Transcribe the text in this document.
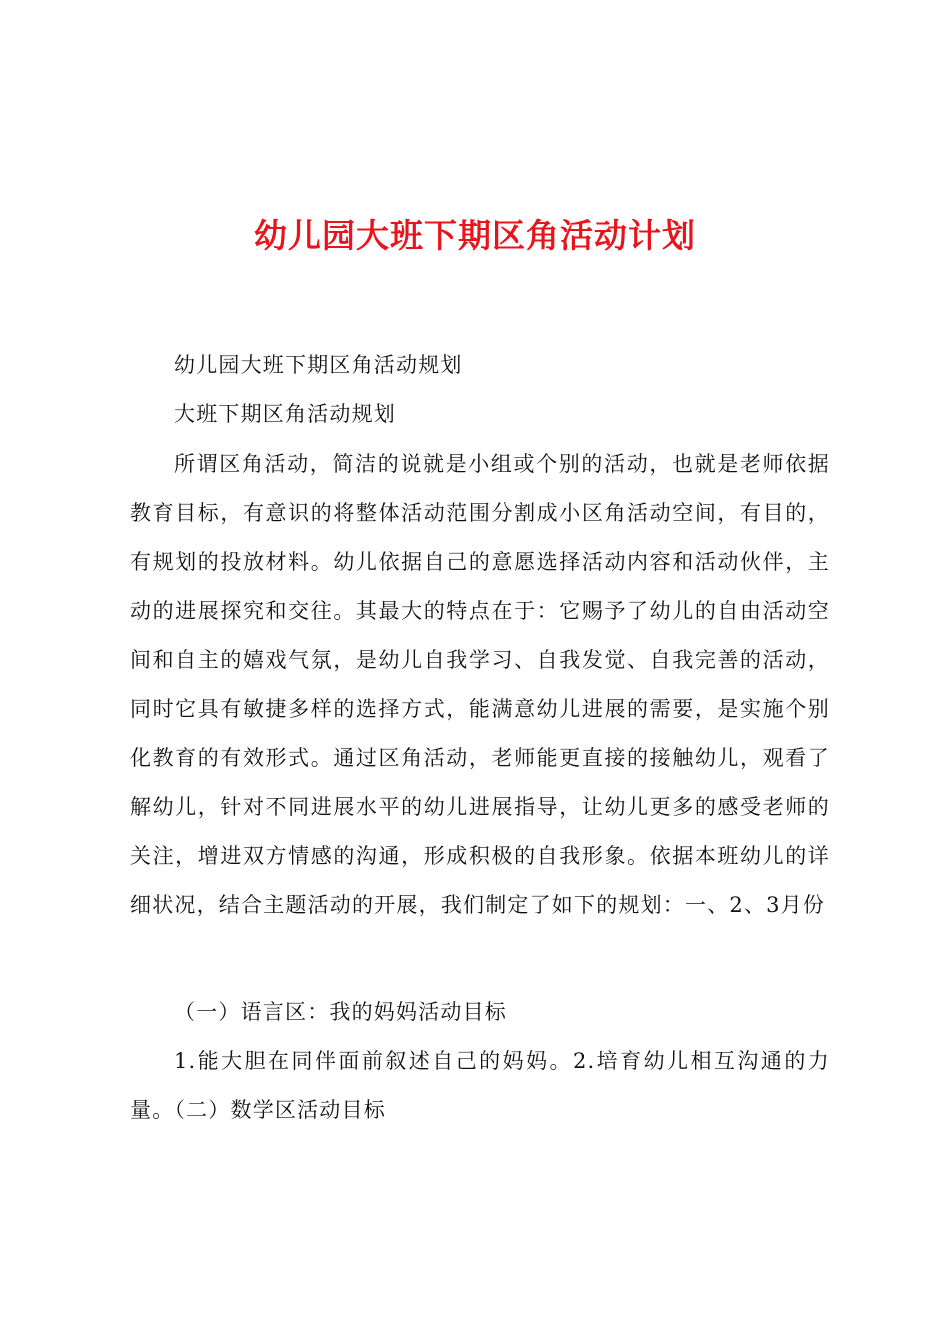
幼儿园大班下期区角活动计划

幼儿园大班下期区角活动规划

大班下期区角活动规划

所谓区角活动，简洁的说就是小组或个别的活动，也就是老师依据教育目标，有意识的将整体活动范围分割成小区角活动空间，有目的，有规划的投放材料。幼儿依据自己的意愿选择活动内容和活动伙伴，主动的进展探究和交往。其最大的特点在于：它赐予了幼儿的自由活动空间和自主的嬉戏气氛，是幼儿自我学习、自我发觉、自我完善的活动，同时它具有敏捷多样的选择方式，能满意幼儿进展的需要，是实施个别化教育的有效形式。通过区角活动，老师能更直接的接触幼儿，观看了解幼儿，针对不同进展水平的幼儿进展指导，让幼儿更多的感受老师的关注，增进双方情感的沟通，形成积极的自我形象。依据本班幼儿的详细状况，结合主题活动的开展，我们制定了如下的规划：一、2、3月份

（一）语言区：我的妈妈活动目标

1.能大胆在同伴面前叙述自己的妈妈。2.培育幼儿相互沟通的力量。（二）数学区活动目标
